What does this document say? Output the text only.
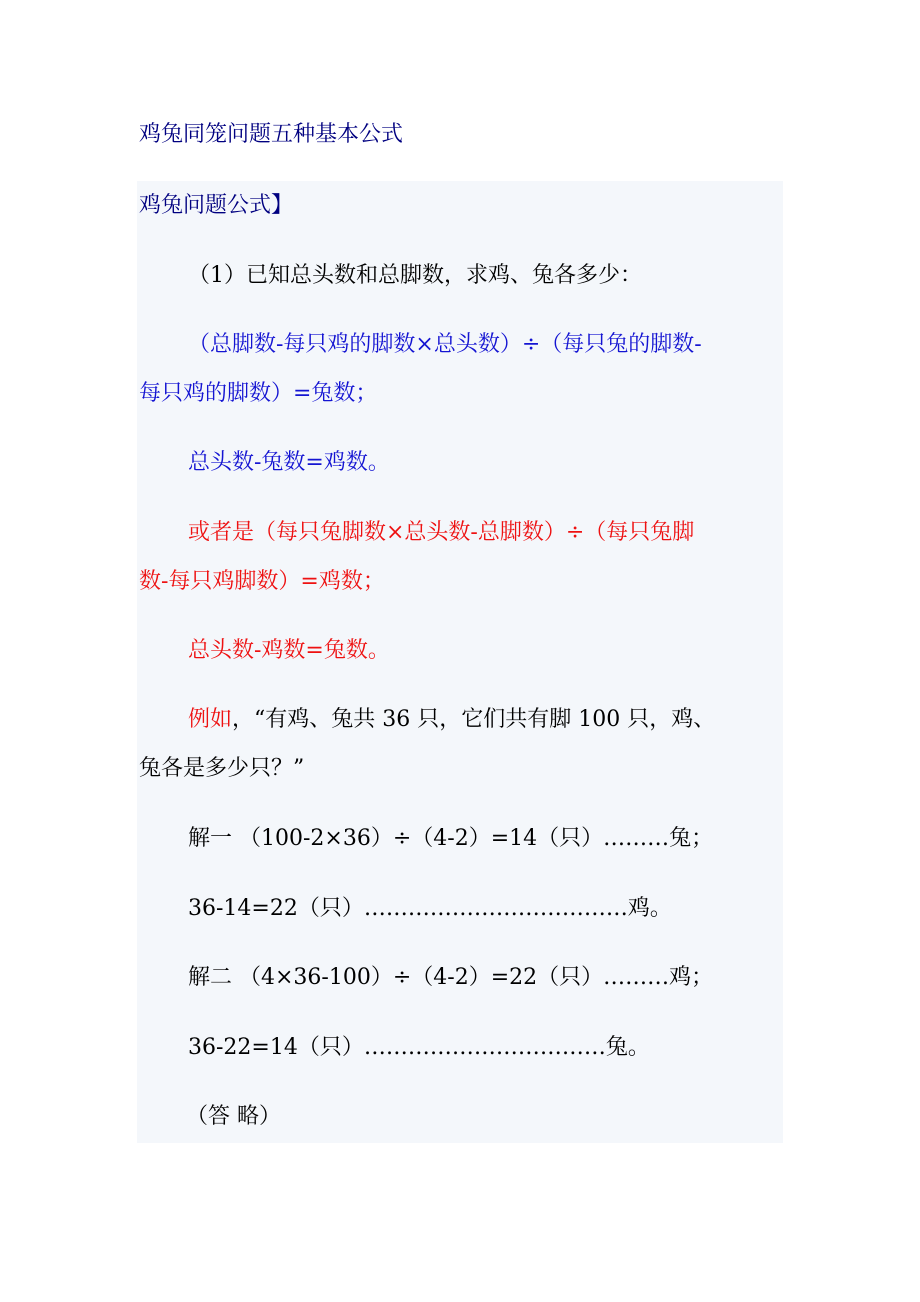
鸡兔同笼问题五种基本公式
鸡兔问题公式】
（1）已知总头数和总脚数，求鸡、兔各多少：
（总脚数-每只鸡的脚数×总头数）÷（每只兔的脚数-
每只鸡的脚数）=兔数；
总头数-兔数=鸡数。
或者是（每只兔脚数×总头数-总脚数）÷（每只兔脚
数-每只鸡脚数）=鸡数；
总头数-鸡数=兔数。
例如，“有鸡、兔共 36 只，它们共有脚 100 只，鸡、
兔各是多少只？”
解一 （100-2×36）÷（4-2）=14（只）………兔；
36-14=22（只）………………………………鸡。
解二 （4×36-100）÷（4-2）=22（只）………鸡；
36-22=14（只）……………………………兔。
（答 略）
